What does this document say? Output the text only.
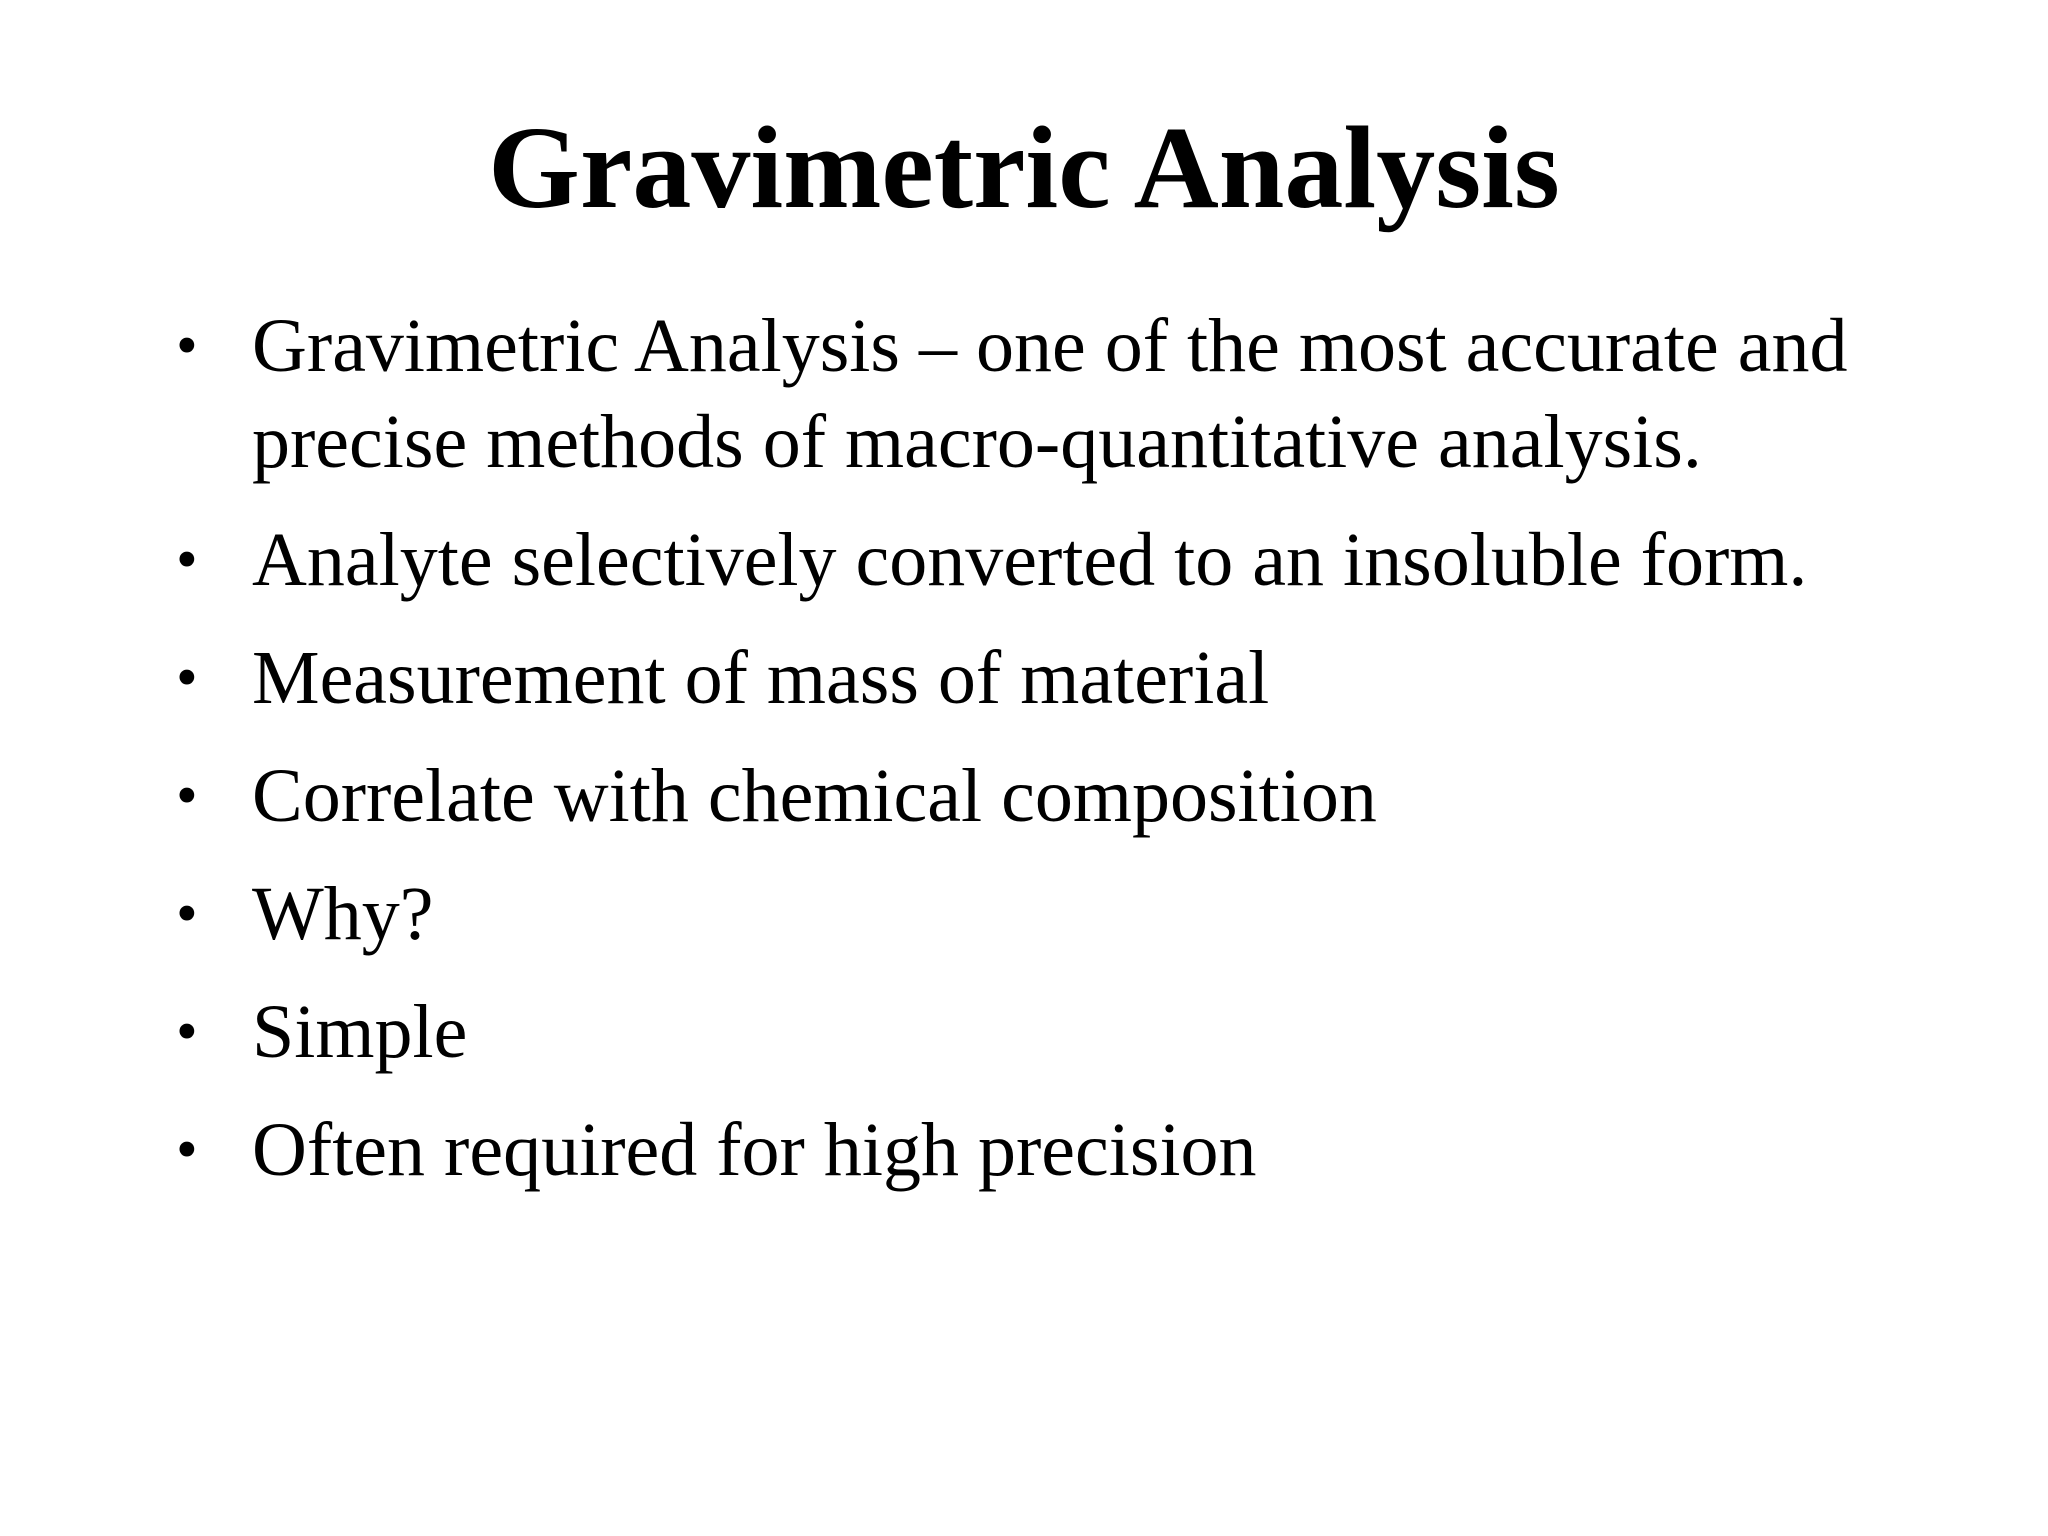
Gravimetric Analysis
• Gravimetric Analysis – one of the most accurate and precise methods of macro-quantitative analysis.
• Analyte selectively converted to an insoluble form.
• Measurement of mass of material
• Correlate with chemical composition
• Why?
• Simple
• Often required for high precision
